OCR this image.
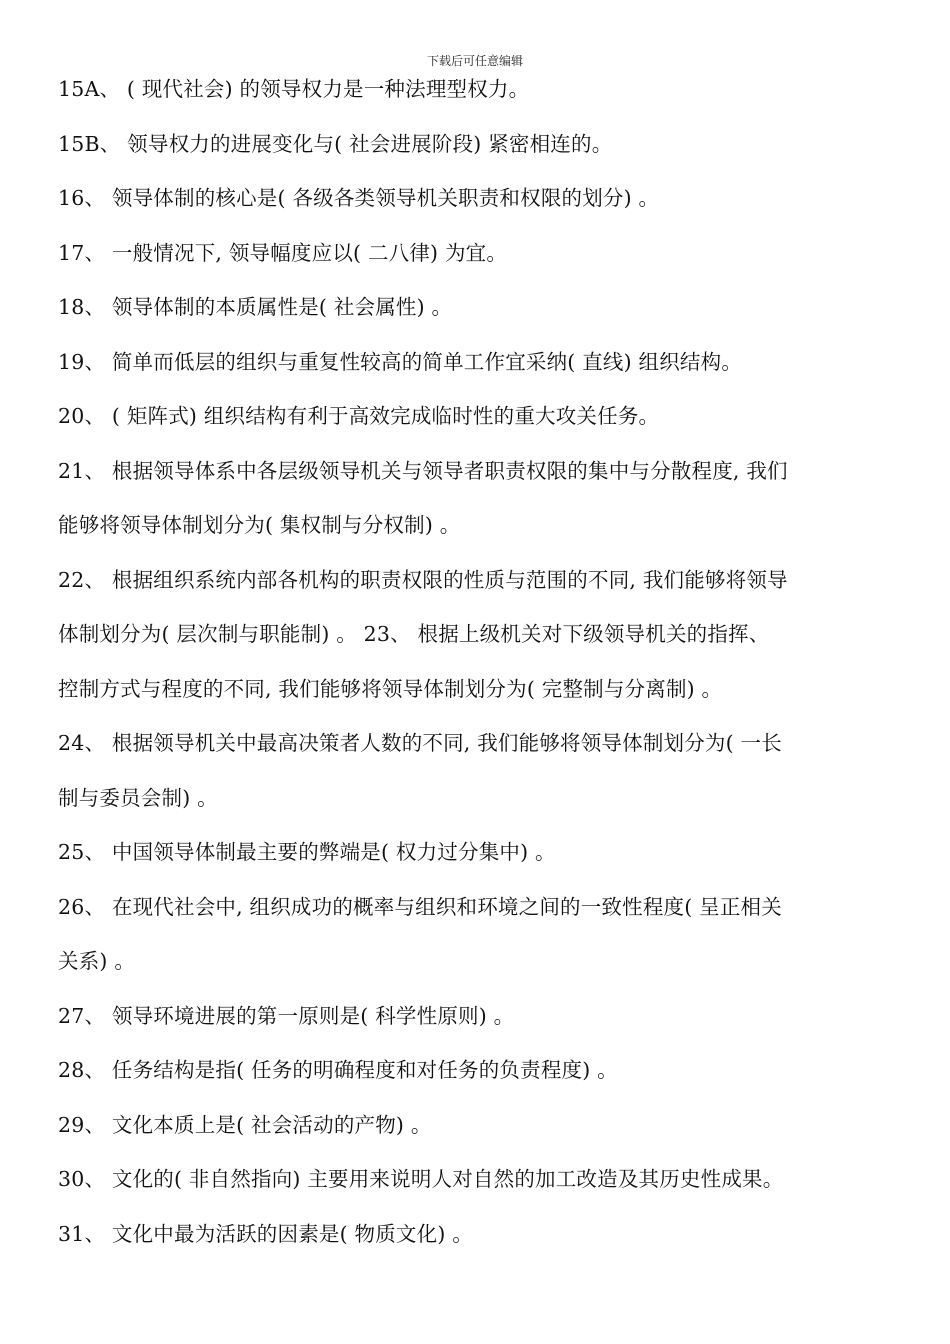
下载后可任意编辑
15A、 ( 现代社会) 的领导权力是一种法理型权力。
15B、 领导权力的进展变化与( 社会进展阶段) 紧密相连的。
16、 领导体制的核心是( 各级各类领导机关职责和权限的划分) 。
17、 一般情况下, 领导幅度应以( 二八律) 为宜。
18、 领导体制的本质属性是( 社会属性) 。
19、 简单而低层的组织与重复性较高的简单工作宜采纳( 直线) 组织结构。
20、 ( 矩阵式) 组织结构有利于高效完成临时性的重大攻关任务。
21、 根据领导体系中各层级领导机关与领导者职责权限的集中与分散程度, 我们
能够将领导体制划分为( 集权制与分权制) 。
22、 根据组织系统内部各机构的职责权限的性质与范围的不同, 我们能够将领导
体制划分为( 层次制与职能制) 。 23、 根据上级机关对下级领导机关的指挥、
控制方式与程度的不同, 我们能够将领导体制划分为( 完整制与分离制) 。
24、 根据领导机关中最高决策者人数的不同, 我们能够将领导体制划分为( 一长
制与委员会制) 。
25、 中国领导体制最主要的弊端是( 权力过分集中) 。
26、 在现代社会中, 组织成功的概率与组织和环境之间的一致性程度( 呈正相关
关系) 。
27、 领导环境进展的第一原则是( 科学性原则) 。
28、 任务结构是指( 任务的明确程度和对任务的负责程度) 。
29、 文化本质上是( 社会活动的产物) 。
30、 文化的( 非自然指向) 主要用来说明人对自然的加工改造及其历史性成果。
31、 文化中最为活跃的因素是( 物质文化) 。
